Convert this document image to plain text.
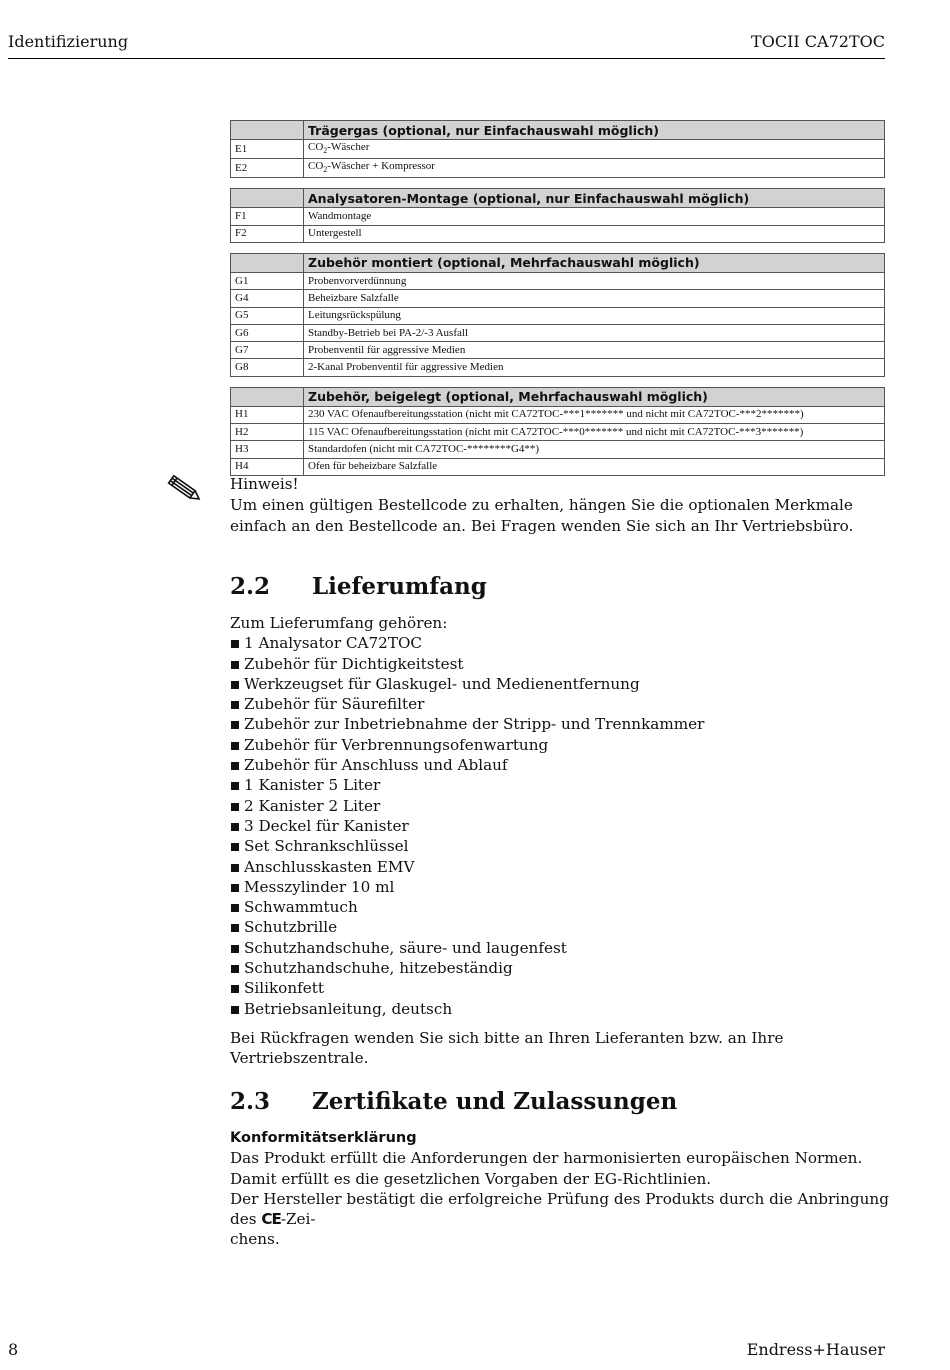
Identifizierung	TOCII CA72TOC
	Trägergas (optional, nur Einfachauswahl möglich)
E1	$CO_2$-Wäscher
E2	$CO_2$-Wäscher + Kompressor
	Analysatoren-Montage (optional, nur Einfachauswahl möglich)
F1	Wandmontage
F2	Untergestell
	Zubehör montiert (optional, Mehrfachauswahl möglich)
G1	Probenvorverdünnung
G4	Beheizbare Salzfalle
G5	Leitungsrückspülung
G6	Standby-Betrieb bei PA-2/-3 Ausfall
G7	Probenventil für aggressive Medien
G8	2-Kanal Probenventil für aggressive Medien
	Zubehör, beigelegt (optional, Mehrfachauswahl möglich)
H1	230 VAC Ofenaufbereitungsstation (nicht mit CA72TOC-***1******* und nicht mit CA72TOC-***2*******)
H2	115 VAC Ofenaufbereitungsstation (nicht mit CA72TOC-***0******* und nicht mit CA72TOC-***3*******)
H3	Standardofen (nicht mit CA72TOC-********G4**)
H4	Ofen für beheizbare Salzfalle
Hinweis!
Um einen gültigen Bestellcode zu erhalten, hängen Sie die optionalen Merkmale einfach an den Bestellcode an. Bei Fragen wenden Sie sich an Ihr Vertriebsbüro.
2.2 Lieferumfang
Zum Lieferumfang gehören:
1 Analysator CA72TOC
Zubehör für Dichtigkeitstest
Werkzeugset für Glaskugel- und Medienentfernung
Zubehör für Säurefilter
Zubehör zur Inbetriebnahme der Stripp- und Trennkammer
Zubehör für Verbrennungsofenwartung
Zubehör für Anschluss und Ablauf
1 Kanister 5 Liter
2 Kanister 2 Liter
3 Deckel für Kanister
Set Schrankschlüssel
Anschlusskasten EMV
Messzylinder 10 ml
Schwammtuch
Schutzbrille
Schutzhandschuhe, säure- und laugenfest
Schutzhandschuhe, hitzebeständig
Silikonfett
Betriebsanleitung, deutsch
Bei Rückfragen wenden Sie sich bitte an Ihren Lieferanten bzw. an Ihre Vertriebszentrale.
2.3 Zertifikate und Zulassungen
Konformitätserklärung
Das Produkt erfüllt die Anforderungen der harmonisierten europäischen Normen.
Damit erfüllt es die gesetzlichen Vorgaben der EG-Richtlinien.
Der Hersteller bestätigt die erfolgreiche Prüfung des Produkts durch die Anbringung des CE-Zei-
chens.
8	Endress+Hauser
